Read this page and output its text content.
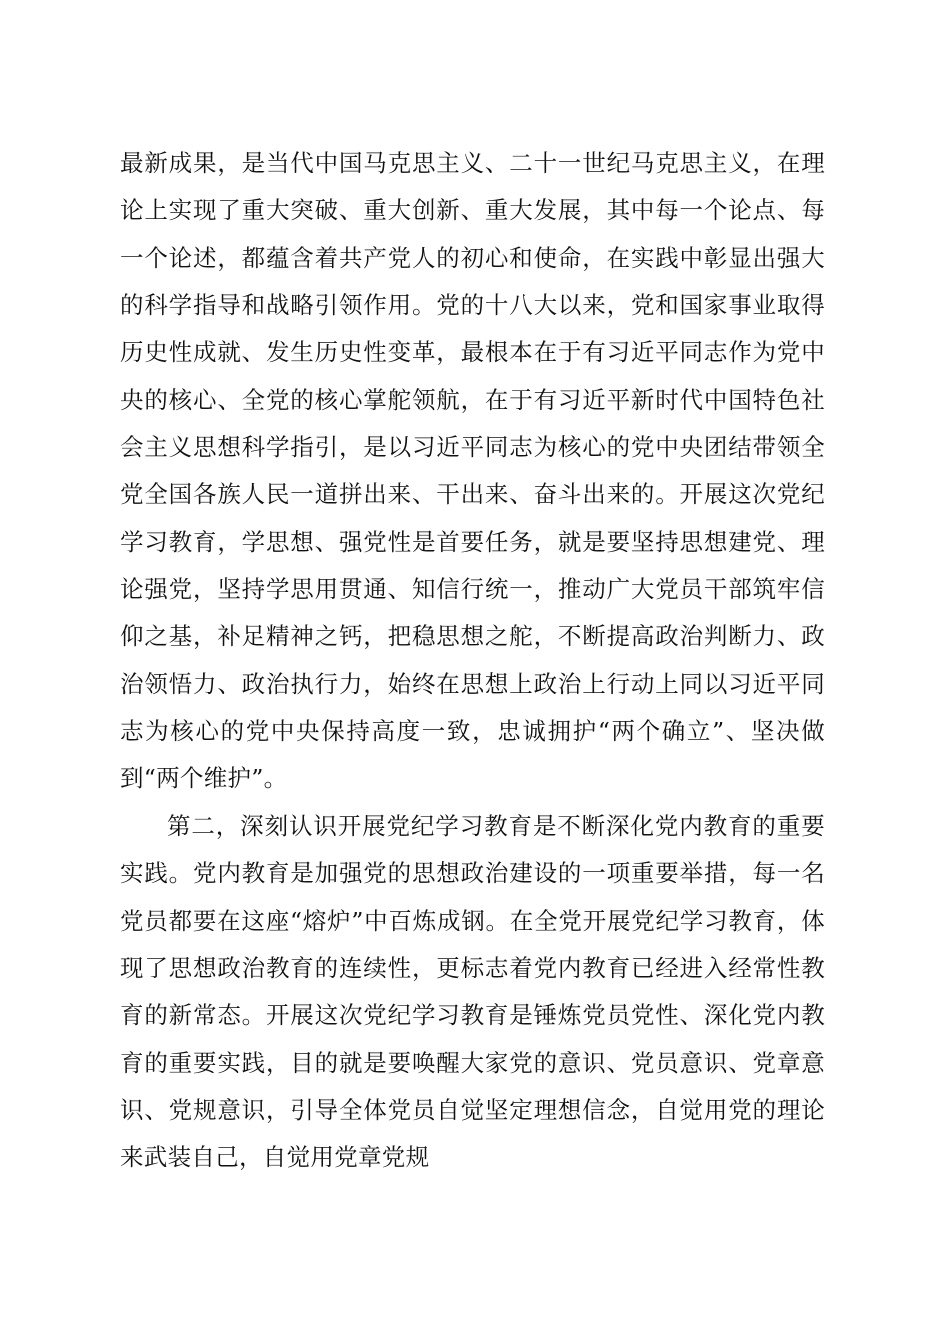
最新成果，是当代中国马克思主义、二十一世纪马克思主义，在理论上实现了重大突破、重大创新、重大发展，其中每一个论点、每一个论述，都蕴含着共产党人的初心和使命，在实践中彰显出强大的科学指导和战略引领作用。党的十八大以来，党和国家事业取得历史性成就、发生历史性变革，最根本在于有习近平同志作为党中央的核心、全党的核心掌舵领航，在于有习近平新时代中国特色社会主义思想科学指引，是以习近平同志为核心的党中央团结带领全党全国各族人民一道拼出来、干出来、奋斗出来的。开展这次党纪学习教育，学思想、强党性是首要任务，就是要坚持思想建党、理论强党，坚持学思用贯通、知信行统一，推动广大党员干部筑牢信仰之基，补足精神之钙，把稳思想之舵，不断提高政治判断力、政治领悟力、政治执行力，始终在思想上政治上行动上同以习近平同志为核心的党中央保持高度一致，忠诚拥护“两个确立”、坚决做到“两个维护”。

第二，深刻认识开展党纪学习教育是不断深化党内教育的重要实践。党内教育是加强党的思想政治建设的一项重要举措，每一名党员都要在这座“熔炉”中百炼成钢。在全党开展党纪学习教育，体现了思想政治教育的连续性，更标志着党内教育已经进入经常性教育的新常态。开展这次党纪学习教育是锤炼党员党性、深化党内教育的重要实践，目的就是要唤醒大家党的意识、党员意识、党章意识、党规意识，引导全体党员自觉坚定理想信念，自觉用党的理论来武装自己，自觉用党章党规
